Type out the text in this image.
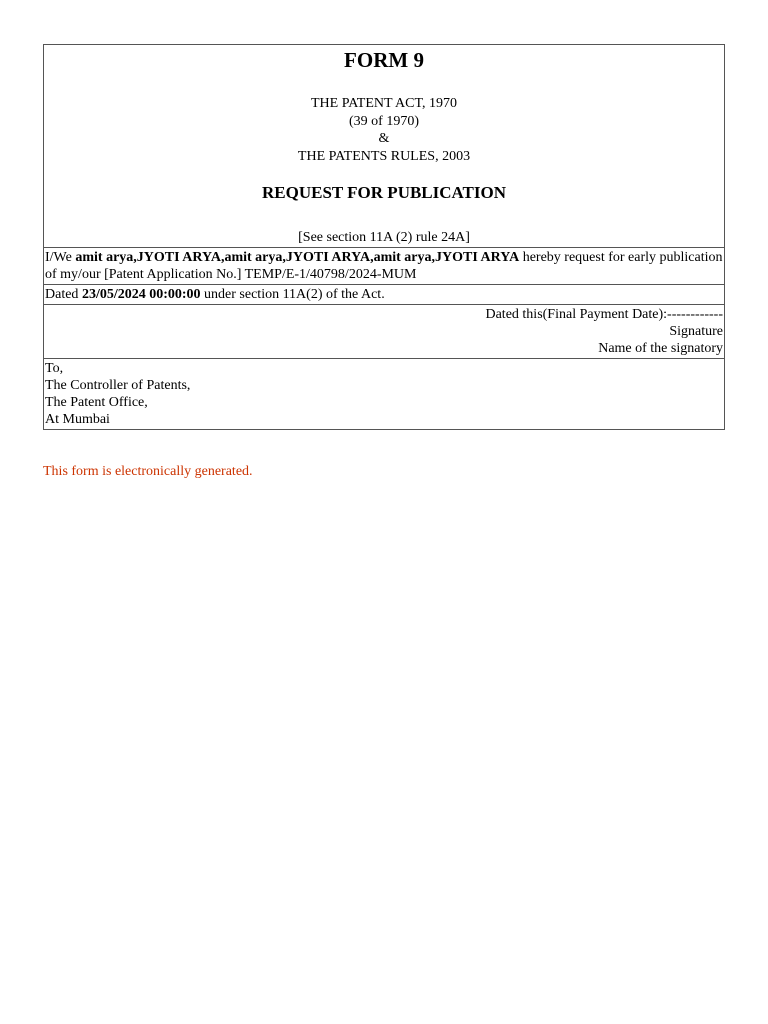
FORM 9
THE PATENT ACT, 1970
(39 of 1970)
&
THE PATENTS RULES, 2003
REQUEST FOR PUBLICATION
[See section 11A (2) rule 24A]
I/We amit arya,JYOTI ARYA,amit arya,JYOTI ARYA,amit arya,JYOTI ARYA hereby request for early publication of my/our [Patent Application No.] TEMP/E-1/40798/2024-MUM
Dated 23/05/2024 00:00:00 under section 11A(2) of the Act.
Dated this(Final Payment Date):------------
Signature
Name of the signatory
To,
The Controller of Patents,
The Patent Office,
At Mumbai
This form is electronically generated.
